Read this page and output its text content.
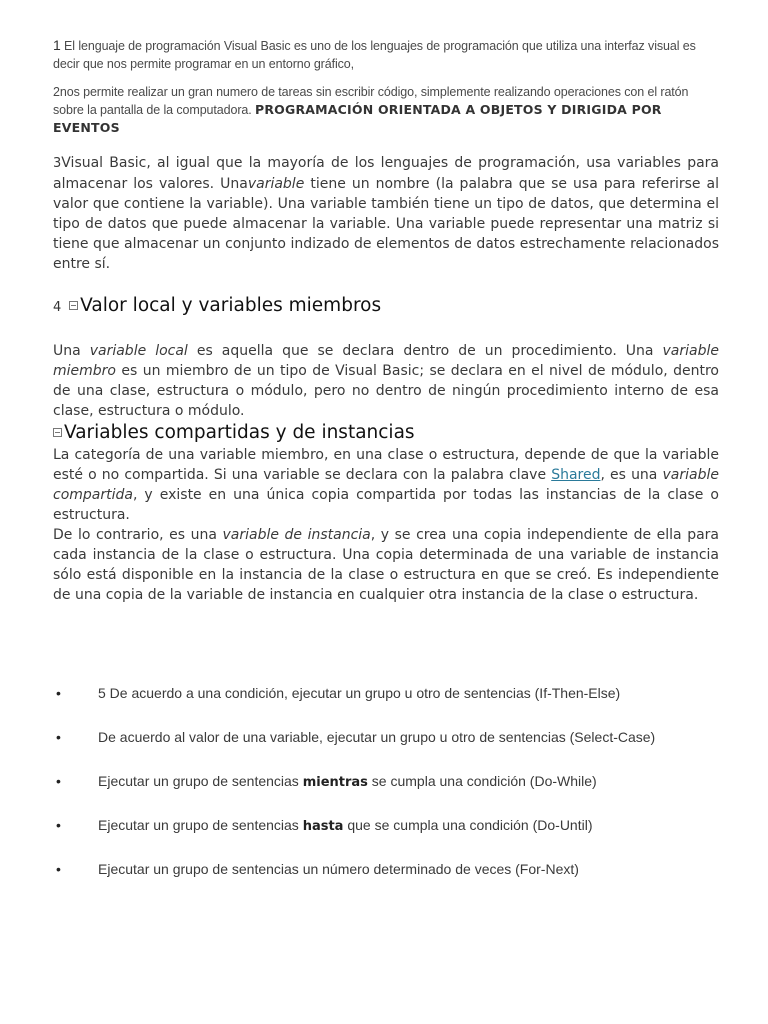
1 El lenguaje de programación Visual Basic es uno de los lenguajes de programación que utiliza una interfaz visual es decir que nos permite programar en un entorno gráfico,

2nos permite realizar un gran numero de tareas sin escribir código, simplemente realizando operaciones con el ratón sobre la pantalla de la computadora. PROGRAMACIÓN ORIENTADA A OBJETOS Y DIRIGIDA POR EVENTOS

3Visual Basic, al igual que la mayoría de los lenguajes de programación, usa variables para almacenar los valores. Unavariable tiene un nombre (la palabra que se usa para referirse al valor que contiene la variable). Una variable también tiene un tipo de datos, que determina el tipo de datos que puede almacenar la variable. Una variable puede representar una matriz si tiene que almacenar un conjunto indizado de elementos de datos estrechamente relacionados entre sí.

4 Valor local y variables miembros

Una variable local es aquella que se declara dentro de un procedimiento. Una variable miembro es un miembro de un tipo de Visual Basic; se declara en el nivel de módulo, dentro de una clase, estructura o módulo, pero no dentro de ningún procedimiento interno de esa clase, estructura o módulo.

Variables compartidas y de instancias

La categoría de una variable miembro, en una clase o estructura, depende de que la variable esté o no compartida. Si una variable se declara con la palabra clave Shared, es una variable compartida, y existe en una única copia compartida por todas las instancias de la clase o estructura.

De lo contrario, es una variable de instancia, y se crea una copia independiente de ella para cada instancia de la clase o estructura. Una copia determinada de una variable de instancia sólo está disponible en la instancia de la clase o estructura en que se creó. Es independiente de una copia de la variable de instancia en cualquier otra instancia de la clase o estructura.

•	5 De acuerdo a una condición, ejecutar un grupo u otro de sentencias (If-Then-Else)
•	De acuerdo al valor de una variable, ejecutar un grupo u otro de sentencias (Select-Case)
•	Ejecutar un grupo de sentencias mientras se cumpla una condición (Do-While)
•	Ejecutar un grupo de sentencias hasta que se cumpla una condición (Do-Until)
•	Ejecutar un grupo de sentencias un número determinado de veces (For-Next)
